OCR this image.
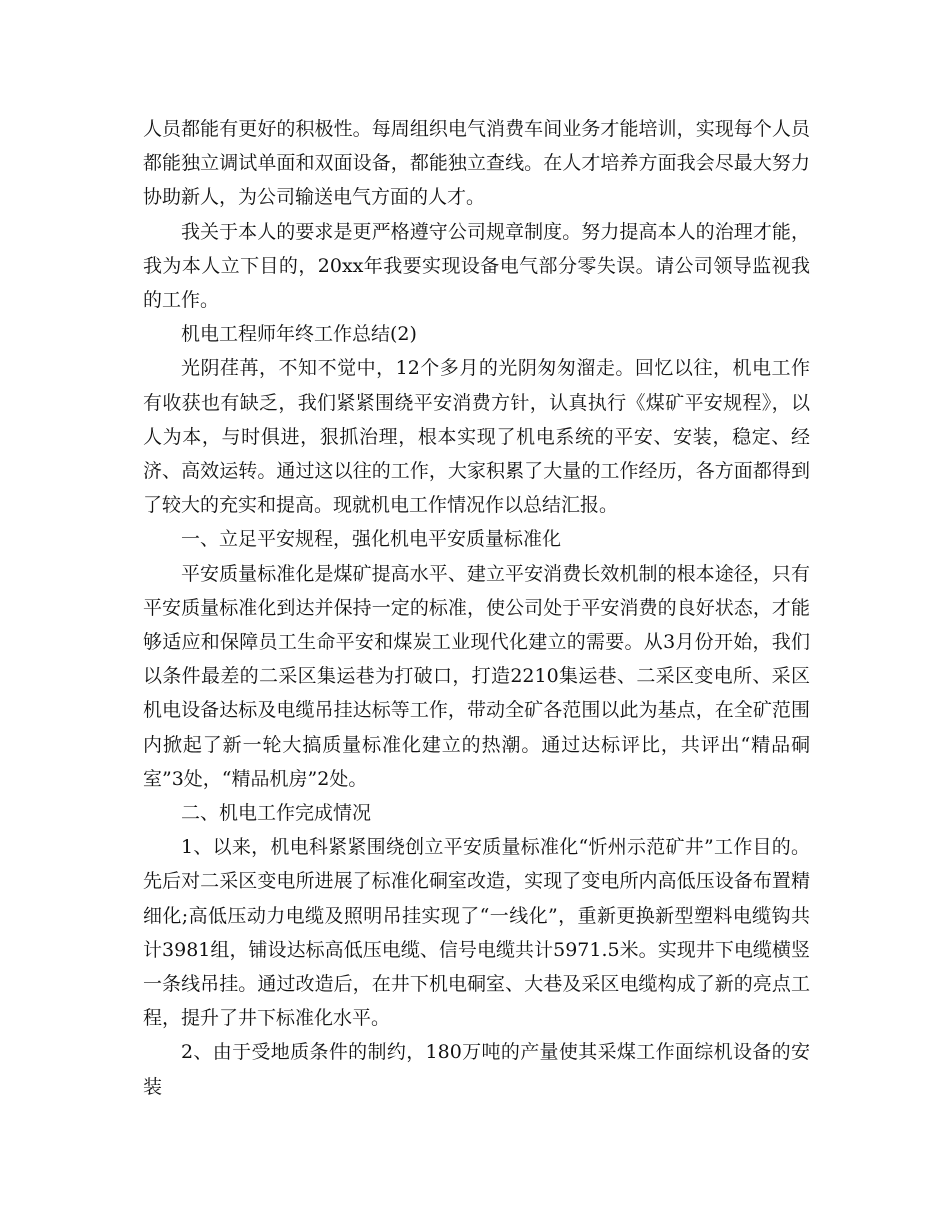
人员都能有更好的积极性。每周组织电气消费车间业务才能培训，实现每个人员都能独立调试单面和双面设备，都能独立查线。在人才培养方面我会尽最大努力协助新人，为公司输送电气方面的人才。

我关于本人的要求是更严格遵守公司规章制度。努力提高本人的治理才能，我为本人立下目的，20xx年我要实现设备电气部分零失误。请公司领导监视我的工作。

机电工程师年终工作总结(2)

光阴荏苒，不知不觉中，12个多月的光阴匆匆溜走。回忆以往，机电工作有收获也有缺乏，我们紧紧围绕平安消费方针，认真执行《煤矿平安规程》，以人为本，与时俱进，狠抓治理，根本实现了机电系统的平安、安装，稳定、经济、高效运转。通过这以往的工作，大家积累了大量的工作经历，各方面都得到了较大的充实和提高。现就机电工作情况作以总结汇报。

一、立足平安规程，强化机电平安质量标准化

平安质量标准化是煤矿提高水平、建立平安消费长效机制的根本途径，只有平安质量标准化到达并保持一定的标准，使公司处于平安消费的良好状态，才能够适应和保障员工生命平安和煤炭工业现代化建立的需要。从3月份开始，我们以条件最差的二采区集运巷为打破口，打造2210集运巷、二采区变电所、采区机电设备达标及电缆吊挂达标等工作，带动全矿各范围以此为基点，在全矿范围内掀起了新一轮大搞质量标准化建立的热潮。通过达标评比，共评出“精品硐室”3处，“精品机房”2处。

二、机电工作完成情况

1、以来，机电科紧紧围绕创立平安质量标准化“忻州示范矿井”工作目的。先后对二采区变电所进展了标准化硐室改造，实现了变电所内高低压设备布置精细化;高低压动力电缆及照明吊挂实现了“一线化”，重新更换新型塑料电缆钩共计3981组，铺设达标高低压电缆、信号电缆共计5971.5米。实现井下电缆横竖一条线吊挂。通过改造后，在井下机电硐室、大巷及采区电缆构成了新的亮点工程，提升了井下标准化水平。

2、由于受地质条件的制约，180万吨的产量使其采煤工作面综机设备的安装
